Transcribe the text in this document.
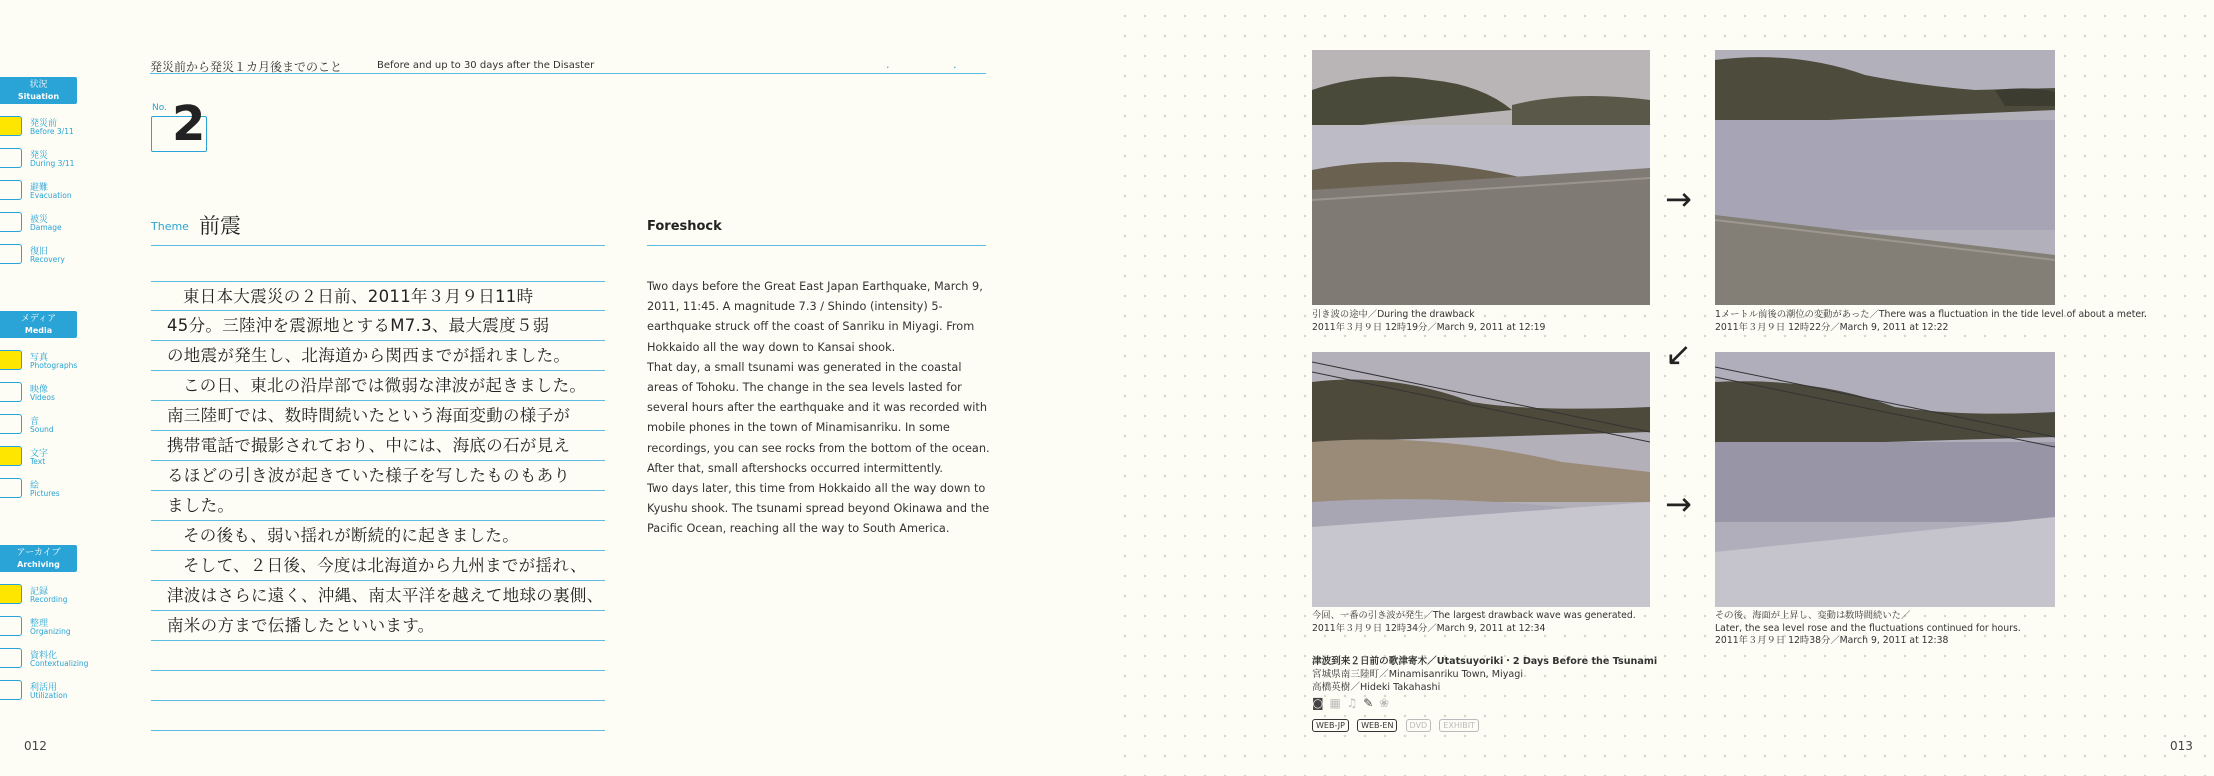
状況
Situation
発災前
Before 3/11
発災
During 3/11
避難
Evacuation
被災
Damage
復旧
Recovery
メディア
Media
写真
Photographs
映像
Videos
音
Sound
文字
Text
絵
Pictures
アーカイブ
Archiving
記録
Recording
整理
Organizing
資料化
Contextualizing
利活用
Utilization
発災前から発災１カ月後までのこと	Before and up to 30 days after the Disaster	. .
No. 2
Theme 前震
東日本大震災の２日前、2011年３月９日11時
45分。三陸沖を震源地とするM7.3、最大震度５弱
の地震が発生し、北海道から関西までが揺れました。
この日、東北の沿岸部では微弱な津波が起きました。
南三陸町では、数時間続いたという海面変動の様子が
携帯電話で撮影されており、中には、海底の石が見え
るほどの引き波が起きていた様子を写したものもあり
ました。
その後も、弱い揺れが断続的に起きました。
そして、２日後、今度は北海道から九州までが揺れ、
津波はさらに遠く、沖縄、南太平洋を越えて地球の裏側、
南米の方まで伝播したといいます。
Foreshock

Two days before the Great East Japan Earthquake, March 9, 2011, 11:45. A magnitude 7.3 / Shindo (intensity) 5- earthquake struck off the coast of Sanriku in Miyagi. From Hokkaido all the way down to Kansai shook.

That day, a small tsunami was generated in the coastal areas of Tohoku. The change in the sea levels lasted for several hours after the earthquake and it was recorded with mobile phones in the town of Minamisanriku. In some recordings, you can see rocks from the bottom of the ocean.

After that, small aftershocks occurred intermittently.

Two days later, this time from Hokkaido all the way down to Kyushu shook. The tsunami spread beyond Okinawa and the Pacific Ocean, reaching all the way to South America.

012	013
引き波の途中／During the drawback
2011年３月９日 12時19分／March 9, 2011 at 12:19
1メートル前後の潮位の変動があった／There was a fluctuation in the tide level of about a meter.
2011年３月９日 12時22分／March 9, 2011 at 12:22
今回、一番の引き波が発生／The largest drawback wave was generated.
2011年３月９日 12時34分／March 9, 2011 at 12:34
その後、海面が上昇し、変動は数時間続いた／
Later, the sea level rose and the fluctuations continued for hours.
2011年３月９日 12時38分／March 9, 2011 at 12:38
→
↙
→
津波到来２日前の歌津寄木／Utatsuyoriki・2 Days Before the Tsunami
宮城県南三陸町／Minamisanriku Town, Miyagi
高橋英樹／Hideki Takahashi
◙ ▦ ♫ ✎ ❀
WEB-JP WEB-EN DVD EXHIBIT
